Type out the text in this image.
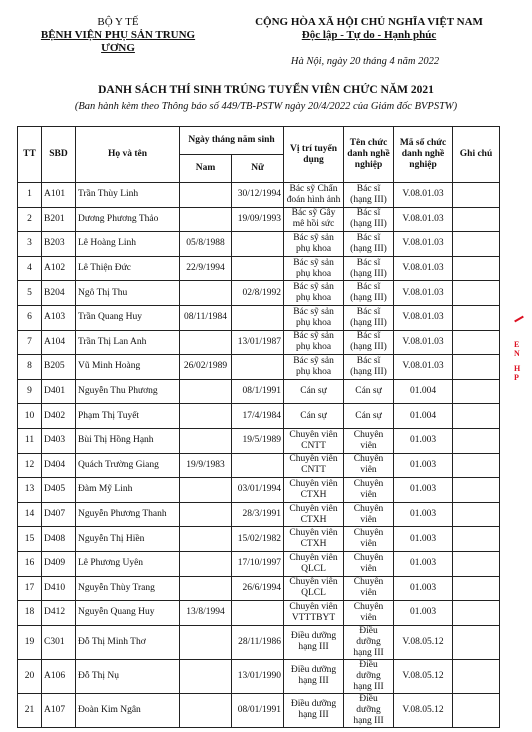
BỘ Y TẾ
BỆNH VIỆN PHỤ SẢN TRUNG ƯƠNG
CỘNG HÒA XÃ HỘI CHỦ NGHĨA VIỆT NAM
Độc lập - Tự do - Hạnh phúc
Hà Nội, ngày 20 tháng 4 năm 2022
DANH SÁCH THÍ SINH TRÚNG TUYỂN VIÊN CHỨC NĂM 2021
(Ban hành kèm theo Thông báo số 449/TB-PSTW ngày 20/4/2022 của Giám đốc BVPSTW)
TT	SBD	Họ và tên	Ngày tháng năm sinh		Vị trí tuyển dụng	Tên chức danh nghề nghiệp	Mã số chức danh nghề nghiệp	Ghi chú
			Nam	Nữ				
1	A101	Trần Thùy Linh		30/12/1994	Bác sỹ Chẩn đoán hình ảnh	Bác sĩ (hạng III)	V.08.01.03	
2	B201	Dương Phương Thảo		19/09/1993	Bác sỹ Gây mê hồi sức	Bác sĩ (hạng III)	V.08.01.03	
3	B203	Lê Hoàng Linh	05/8/1988		Bác sỹ sản phụ khoa	Bác sĩ (hạng III)	V.08.01.03	
4	A102	Lê Thiện Đức	22/9/1994		Bác sỹ sản phụ khoa	Bác sĩ (hạng III)	V.08.01.03	
5	B204	Ngô Thị Thu		02/8/1992	Bác sỹ sản phụ khoa	Bác sĩ (hạng III)	V.08.01.03	
6	A103	Trần Quang Huy	08/11/1984		Bác sỹ sản phụ khoa	Bác sĩ (hạng III)	V.08.01.03	
7	A104	Trần Thị Lan Anh		13/01/1987	Bác sỹ sản phụ khoa	Bác sĩ (hạng III)	V.08.01.03	
8	B205	Vũ Minh Hoàng	26/02/1989		Bác sỹ sản phụ khoa	Bác sĩ (hạng III)	V.08.01.03	
9	D401	Nguyễn Thu Phương		08/1/1991	Cán sự	Cán sự	01.004	
10	D402	Phạm Thị Tuyết		17/4/1984	Cán sự	Cán sự	01.004	
11	D403	Bùi Thị Hồng Hạnh		19/5/1989	Chuyên viên CNTT	Chuyên viên	01.003	
12	D404	Quách Trường Giang	19/9/1983		Chuyên viên CNTT	Chuyên viên	01.003	
13	D405	Đàm Mỹ Linh		03/01/1994	Chuyên viên CTXH	Chuyên viên	01.003	
14	D407	Nguyễn Phương Thanh		28/3/1991	Chuyên viên CTXH	Chuyên viên	01.003	
15	D408	Nguyễn Thị Hiền		15/02/1982	Chuyên viên CTXH	Chuyên viên	01.003	
16	D409	Lê Phương Uyên		17/10/1997	Chuyên viên QLCL	Chuyên viên	01.003	
17	D410	Nguyễn Thùy Trang		26/6/1994	Chuyên viên QLCL	Chuyên viên	01.003	
18	D412	Nguyễn Quang Huy	13/8/1994		Chuyên viên VTTTBYT	Chuyên viên	01.003	
19	C301	Đỗ Thị Minh Thơ		28/11/1986	Điều dưỡng hạng III	Điều dưỡng hạng III	V.08.05.12	
20	A106	Đỗ Thị Nụ		13/01/1990	Điều dưỡng hạng III	Điều dưỡng hạng III	V.08.05.12	
21	A107	Đoàn Kim Ngân		08/01/1991	Điều dưỡng hạng III	Điều dưỡng hạng III	V.08.05.12	
E
N
H
P
